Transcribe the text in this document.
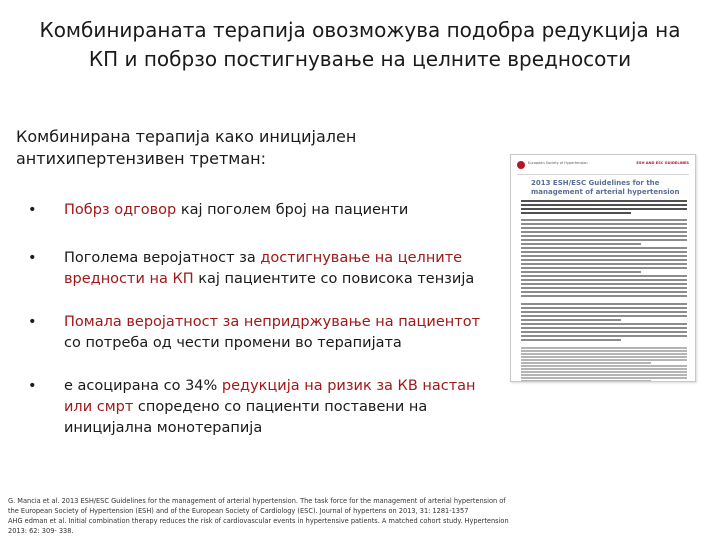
Комбинираната терапија овозможува подобра редукција на
КП и побрзо постигнување на целните вредносоти
Комбинирана терапија како иницијален
антихипертензивен третман:
• Побрз одговор кај поголем број на пациенти
• Поголема веројатност за достигнување на целните вредности на КП кај пациентите со повисока тензија
• Помала веројатност за непридржување на пациентот со потреба од чести промени во терапијата
• е асоцирана со 34% редукција на ризик за КВ настан или смрт споредено со пациенти поставени на иницијална монотерапија
European Society of Hypertension	ESH AND ESC GUIDELINES
2013 ESH/ESC Guidelines for the management of arterial hypertension
G. Mancia et al. 2013 ESH/ESC Guidelines for the management of arterial hypertension. The task force for the management of arterial hypertension of
the European Society of Hypertension (ESH) and of the European Society of Cardiology (ESC). Journal of hypertens on 2013, 31: 1281-1357
AHG edman et al. Initial combination therapy reduces the risk of cardiovascular events in hypertensive patients. A matched cohort study. Hypertension
2013: 62: 309- 338.
